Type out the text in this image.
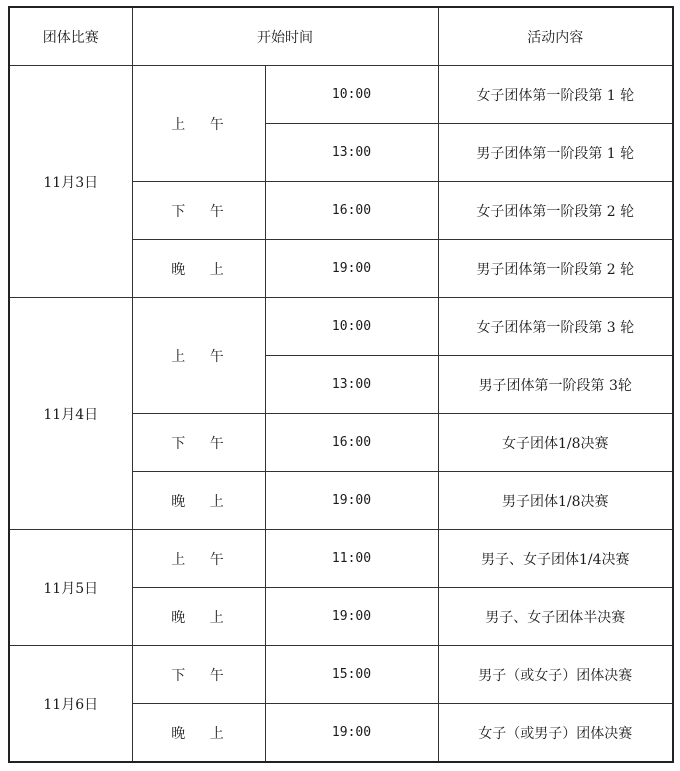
团体比赛	开始时间		活动内容
11月3日	上 午	10:00	女子团体第一阶段第 1 轮
		13:00	男子团体第一阶段第 1 轮
	下 午	16:00	女子团体第一阶段第 2 轮
	晚 上	19:00	男子团体第一阶段第 2 轮
11月4日	上 午	10:00	女子团体第一阶段第 3 轮
		13:00	男子团体第一阶段第 3轮
	下 午	16:00	女子团体1/8决赛
	晚 上	19:00	男子团体1/8决赛
11月5日	上 午	11:00	男子、女子团体1/4决赛
	晚 上	19:00	男子、女子团体半决赛
11月6日	下 午	15:00	男子（或女子）团体决赛
	晚 上	19:00	女子（或男子）团体决赛
